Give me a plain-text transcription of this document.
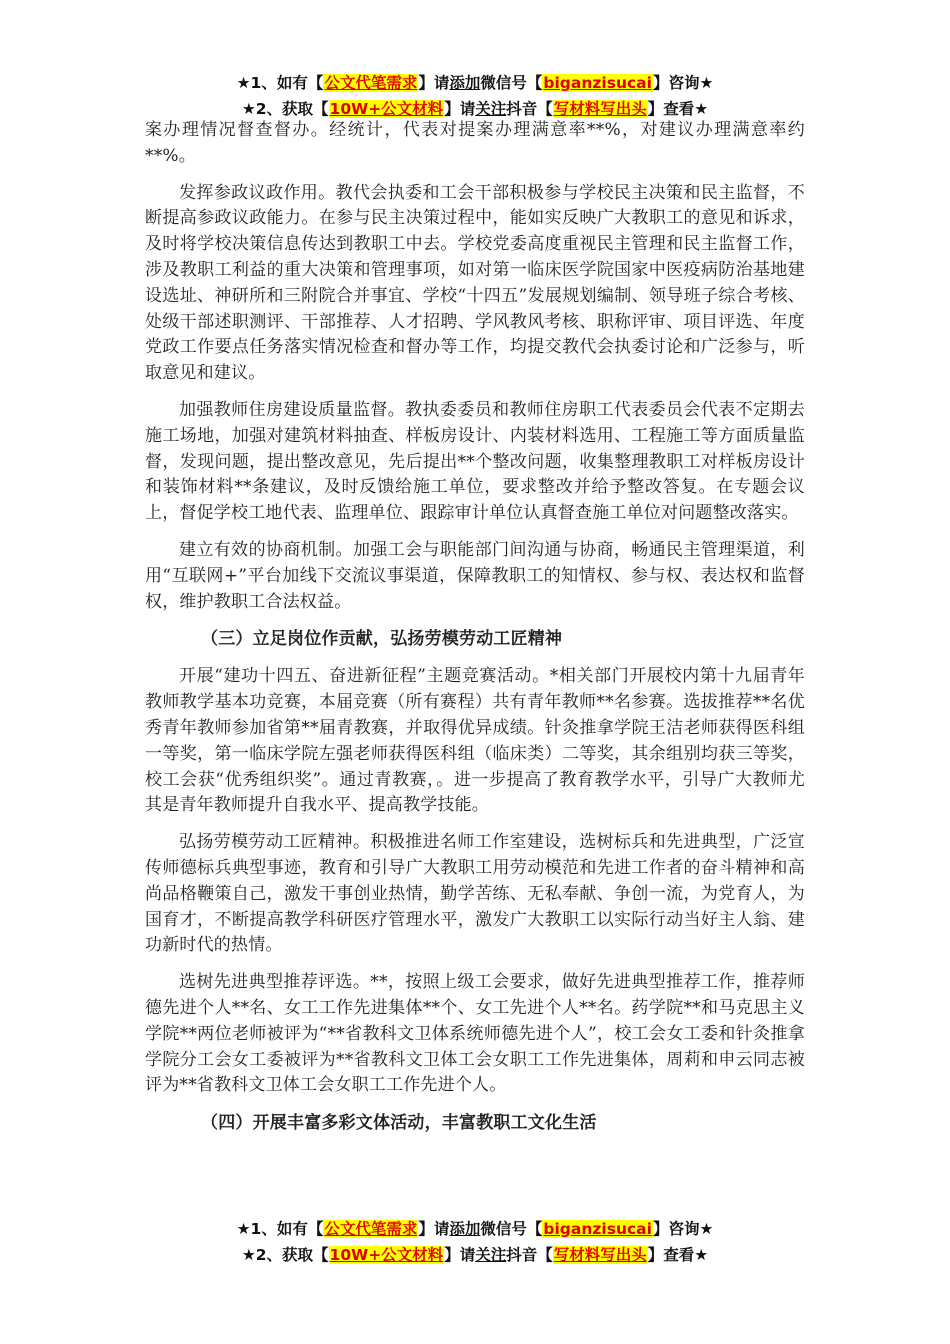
★1、如有【公文代笔需求】请添加微信号【biganzisucai】咨询★
★2、获取【10W+公文材料】请关注抖音【写材料写出头】查看★

案办理情况督查督办。经统计，代表对提案办理满意率**%，对建议办理满意率约**%。

发挥参政议政作用。教代会执委和工会干部积极参与学校民主决策和民主监督，不断提高参政议政能力。在参与民主决策过程中，能如实反映广大教职工的意见和诉求，及时将学校决策信息传达到教职工中去。学校党委高度重视民主管理和民主监督工作，涉及教职工利益的重大决策和管理事项，如对第一临床医学院国家中医疫病防治基地建设选址、神研所和三附院合并事宜、学校“十四五”发展规划编制、领导班子综合考核、处级干部述职测评、干部推荐、人才招聘、学风教风考核、职称评审、项目评选、年度党政工作要点任务落实情况检查和督办等工作，均提交教代会执委讨论和广泛参与，听取意见和建议。

加强教师住房建设质量监督。教执委委员和教师住房职工代表委员会代表不定期去施工场地，加强对建筑材料抽查、样板房设计、内装材料选用、工程施工等方面质量监督，发现问题，提出整改意见，先后提出**个整改问题，收集整理教职工对样板房设计和装饰材料**条建议，及时反馈给施工单位，要求整改并给予整改答复。在专题会议上，督促学校工地代表、监理单位、跟踪审计单位认真督查施工单位对问题整改落实。

建立有效的协商机制。加强工会与职能部门间沟通与协商，畅通民主管理渠道，利用“互联网+”平台加线下交流议事渠道，保障教职工的知情权、参与权、表达权和监督权，维护教职工合法权益。

（三）立足岗位作贡献，弘扬劳模劳动工匠精神

开展“建功十四五、奋进新征程”主题竞赛活动。*相关部门开展校内第十九届青年教师教学基本功竞赛，本届竞赛（所有赛程）共有青年教师**名参赛。选拔推荐**名优秀青年教师参加省第**届青教赛，并取得优异成绩。针灸推拿学院王洁老师获得医科组一等奖，第一临床学院左强老师获得医科组（临床类）二等奖，其余组别均获三等奖，校工会获“优秀组织奖”。通过青教赛，。进一步提高了教育教学水平，引导广大教师尤其是青年教师提升自我水平、提高教学技能。

弘扬劳模劳动工匠精神。积极推进名师工作室建设，选树标兵和先进典型，广泛宣传师德标兵典型事迹，教育和引导广大教职工用劳动模范和先进工作者的奋斗精神和高尚品格鞭策自己，激发干事创业热情，勤学苦练、无私奉献、争创一流，为党育人，为国育才，不断提高教学科研医疗管理水平，激发广大教职工以实际行动当好主人翁、建功新时代的热情。

选树先进典型推荐评选。**，按照上级工会要求，做好先进典型推荐工作，推荐师德先进个人**名、女工工作先进集体**个、女工先进个人**名。药学院**和马克思主义学院**两位老师被评为“**省教科文卫体系统师德先进个人”，校工会女工委和针灸推拿学院分工会女工委被评为**省教科文卫体工会女职工工作先进集体，周莉和申云同志被评为**省教科文卫体工会女职工工作先进个人。

（四）开展丰富多彩文体活动，丰富教职工文化生活
★1、如有【公文代笔需求】请添加微信号【biganzisucai】咨询★
★2、获取【10W+公文材料】请关注抖音【写材料写出头】查看★
